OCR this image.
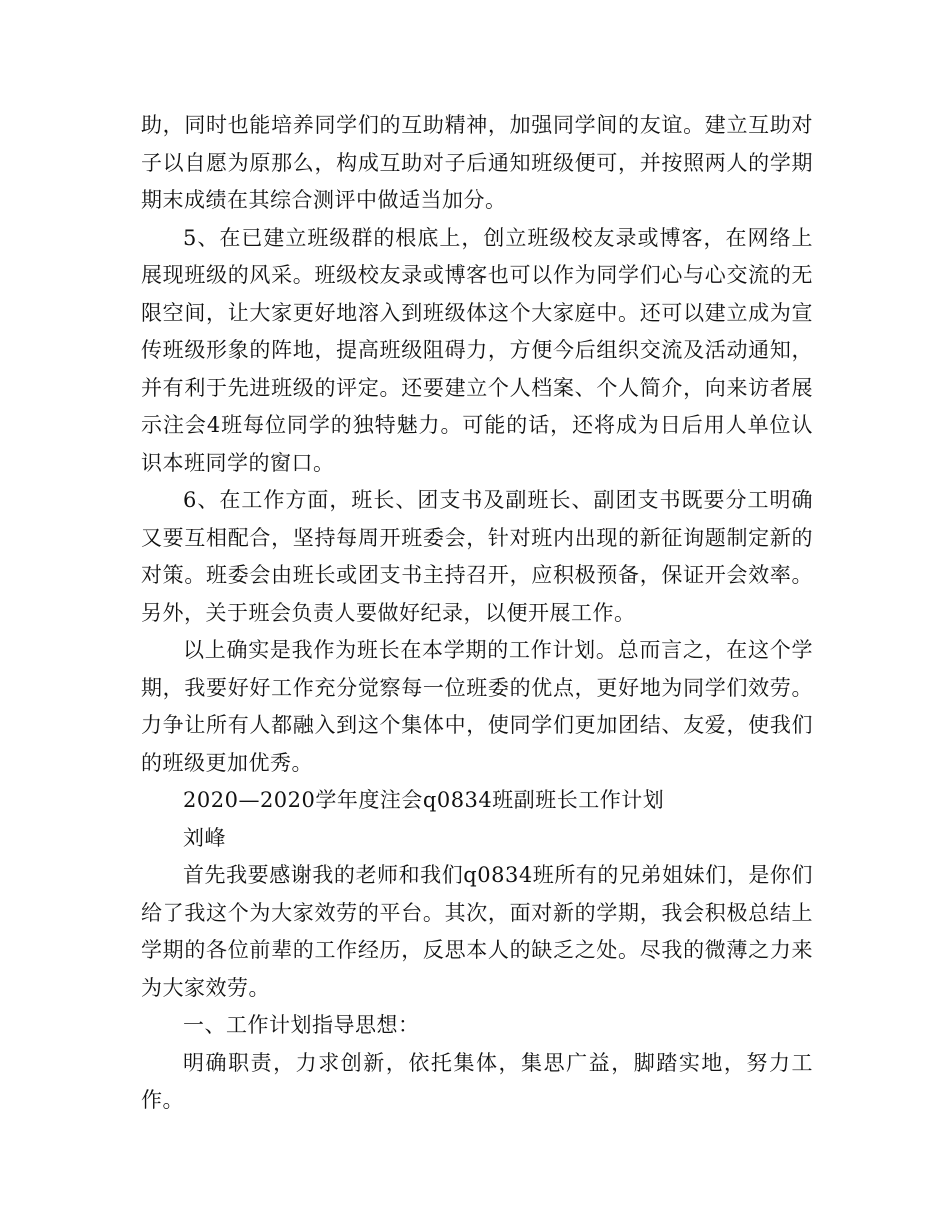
助，同时也能培养同学们的互助精神，加强同学间的友谊。建立互助对子以自愿为原那么，构成互助对子后通知班级便可，并按照两人的学期期末成绩在其综合测评中做适当加分。

5、在已建立班级群的根底上，创立班级校友录或博客，在网络上展现班级的风采。班级校友录或博客也可以作为同学们心与心交流的无限空间，让大家更好地溶入到班级体这个大家庭中。还可以建立成为宣传班级形象的阵地，提高班级阻碍力，方便今后组织交流及活动通知，并有利于先进班级的评定。还要建立个人档案、个人简介，向来访者展示注会4班每位同学的独特魅力。可能的话，还将成为日后用人单位认识本班同学的窗口。

6、在工作方面，班长、团支书及副班长、副团支书既要分工明确又要互相配合，坚持每周开班委会，针对班内出现的新征询题制定新的对策。班委会由班长或团支书主持召开，应积极预备，保证开会效率。另外，关于班会负责人要做好纪录，以便开展工作。

以上确实是我作为班长在本学期的工作计划。总而言之，在这个学期，我要好好工作充分觉察每一位班委的优点，更好地为同学们效劳。力争让所有人都融入到这个集体中，使同学们更加团结、友爱，使我们的班级更加优秀。

2020—2020学年度注会q0834班副班长工作计划

刘峰

首先我要感谢我的老师和我们q0834班所有的兄弟姐妹们，是你们给了我这个为大家效劳的平台。其次，面对新的学期，我会积极总结上学期的各位前辈的工作经历，反思本人的缺乏之处。尽我的微薄之力来为大家效劳。

一、工作计划指导思想：

明确职责，力求创新，依托集体，集思广益，脚踏实地，努力工作。
